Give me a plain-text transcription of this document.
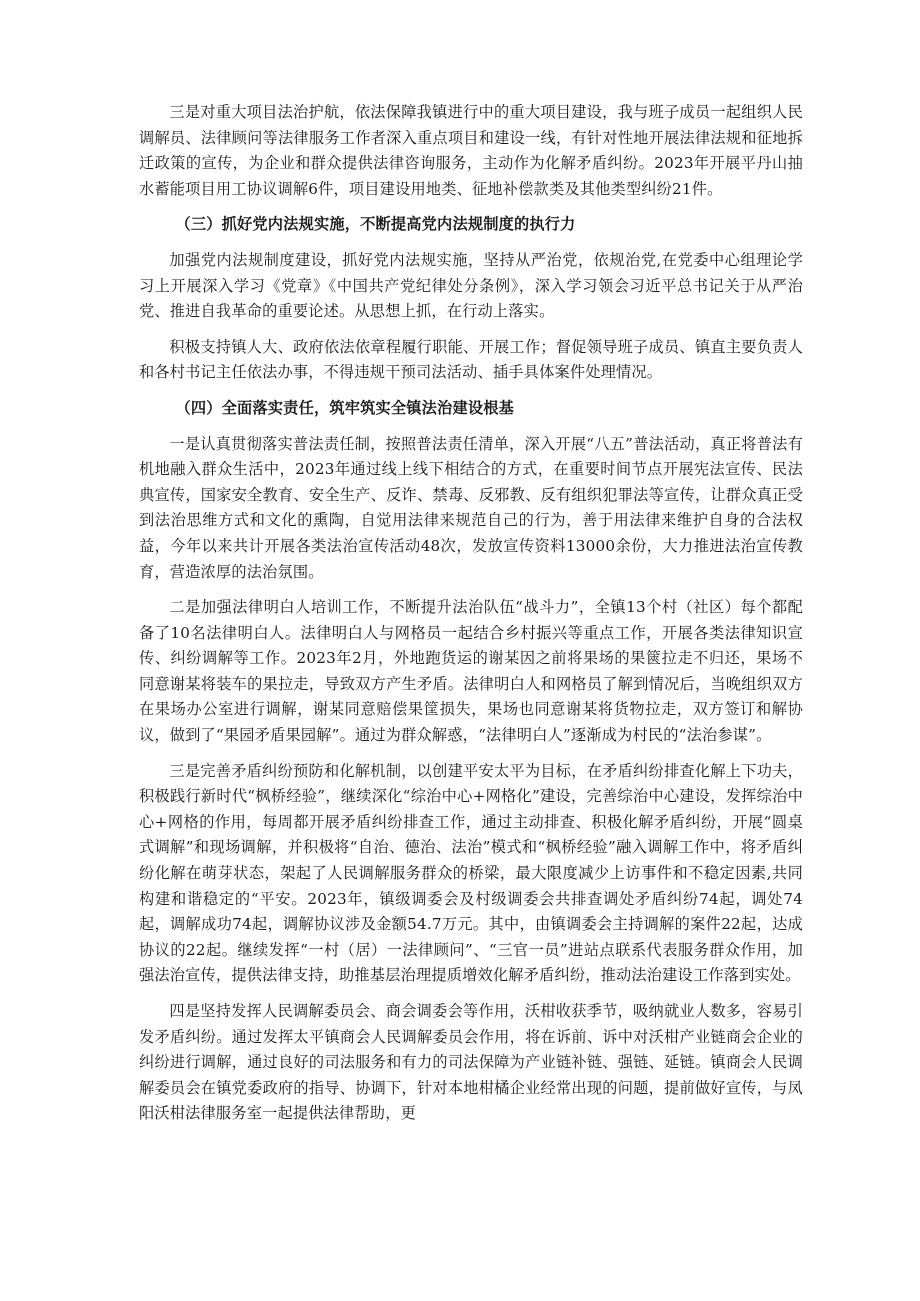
三是对重大项目法治护航，依法保障我镇进行中的重大项目建设，我与班子成员一起组织人民调解员、法律顾问等法律服务工作者深入重点项目和建设一线，有针对性地开展法律法规和征地拆迁政策的宣传，为企业和群众提供法律咨询服务，主动作为化解矛盾纠纷。2023年开展平丹山抽水蓄能项目用工协议调解6件，项目建设用地类、征地补偿款类及其他类型纠纷21件。

（三）抓好党内法规实施，不断提高党内法规制度的执行力

加强党内法规制度建设，抓好党内法规实施，坚持从严治党，依规治党,在党委中心组理论学习上开展深入学习《党章》《中国共产党纪律处分条例》，深入学习领会习近平总书记关于从严治党、推进自我革命的重要论述。从思想上抓，在行动上落实。

积极支持镇人大、政府依法依章程履行职能、开展工作；督促领导班子成员、镇直主要负责人和各村书记主任依法办事，不得违规干预司法活动、插手具体案件处理情况。

（四）全面落实责任，筑牢筑实全镇法治建设根基

一是认真贯彻落实普法责任制，按照普法责任清单，深入开展“八五”普法活动，真正将普法有机地融入群众生活中，2023年通过线上线下相结合的方式，在重要时间节点开展宪法宣传、民法典宣传，国家安全教育、安全生产、反诈、禁毒、反邪教、反有组织犯罪法等宣传，让群众真正受到法治思维方式和文化的熏陶，自觉用法律来规范自己的行为，善于用法律来维护自身的合法权益，今年以来共计开展各类法治宣传活动48次，发放宣传资料13000余份，大力推进法治宣传教育，营造浓厚的法治氛围。

二是加强法律明白人培训工作，不断提升法治队伍“战斗力”，全镇13个村（社区）每个都配备了10名法律明白人。法律明白人与网格员一起结合乡村振兴等重点工作，开展各类法律知识宣传、纠纷调解等工作。2023年2月，外地跑货运的谢某因之前将果场的果篋拉走不归还，果场不同意谢某将装车的果拉走，导致双方产生矛盾。法律明白人和网格员了解到情况后，当晚组织双方在果场办公室进行调解，谢某同意赔偿果筐损失，果场也同意谢某将货物拉走，双方签订和解协议，做到了“果园矛盾果园解”。通过为群众解惑，“法律明白人”逐渐成为村民的“法治参谋”。

三是完善矛盾纠纷预防和化解机制，以创建平安太平为目标，在矛盾纠纷排查化解上下功夫，积极践行新时代“枫桥经验”，继续深化“综治中心+网格化”建设，完善综治中心建设，发挥综治中心+网格的作用，每周都开展矛盾纠纷排查工作，通过主动排查、积极化解矛盾纠纷，开展“圆桌式调解”和现场调解，并积极将“自治、德治、法治”模式和“枫桥经验”融入调解工作中，将矛盾纠纷化解在萌芽状态，架起了人民调解服务群众的桥梁，最大限度减少上访事件和不稳定因素,共同构建和谐稳定的“平安。2023年，镇级调委会及村级调委会共排查调处矛盾纠纷74起，调处74起，调解成功74起，调解协议涉及金额54.7万元。其中，由镇调委会主持调解的案件22起，达成协议的22起。继续发挥“一村（居）一法律顾问”、“三官一员”进站点联系代表服务群众作用，加强法治宣传，提供法律支持，助推基层治理提质增效化解矛盾纠纷，推动法治建设工作落到实处。

四是坚持发挥人民调解委员会、商会调委会等作用，沃柑收获季节，吸纳就业人数多，容易引发矛盾纠纷。通过发挥太平镇商会人民调解委员会作用，将在诉前、诉中对沃柑产业链商会企业的纠纷进行调解，通过良好的司法服务和有力的司法保障为产业链补链、强链、延链。镇商会人民调解委员会在镇党委政府的指导、协调下，针对本地柑橘企业经常出现的问题，提前做好宣传，与凤阳沃柑法律服务室一起提供法律帮助，更
